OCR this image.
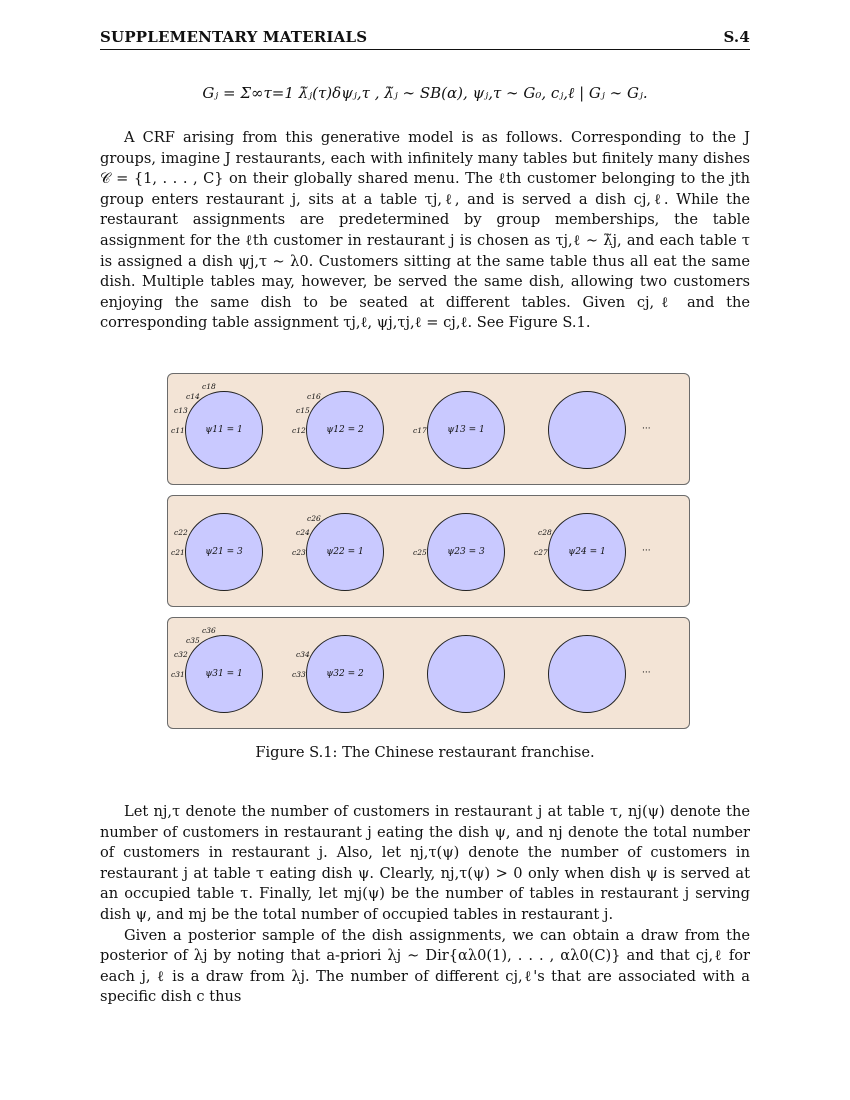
SUPPLEMENTARY MATERIALS	S.4
Gⱼ = Σ∞τ=1 λ̃ⱼ(τ)δψⱼ,τ , λ̃ⱼ ∼ SB(α), ψⱼ,τ ∼ G₀, cⱼ,ℓ | Gⱼ ∼ Gⱼ.

A CRF arising from this generative model is as follows. Corresponding to the J groups, imagine J restaurants, each with infinitely many tables but finitely many dishes 𝒞 = {1, . . . , C} on their globally shared menu. The ℓth customer belonging to the jth group enters restaurant j, sits at a table τj,ℓ, and is served a dish cj,ℓ. While the restaurant assignments are predetermined by group memberships, the table assignment for the ℓth customer in restaurant j is chosen as τj,ℓ ∼ λ̃j, and each table τ is assigned a dish ψj,τ ∼ λ0. Customers sitting at the same table thus all eat the same dish. Multiple tables may, however, be served the same dish, allowing two customers enjoying the same dish to be seated at different tables. Given cj,ℓ and the corresponding table assignment τj,ℓ, ψj,τj,ℓ = cj,ℓ. See Figure S.1.

c18
c14
c13
c11
c16
c15
c12	c17
ψ11 = 1	ψ12 = 2	ψ13 = 1	···
c22
c21
c26
c24
c23	c25
c28
c27
ψ21 = 3	ψ22 = 1	ψ23 = 3	ψ24 = 1	···
c36
c35
c32
c31
c34
c33
ψ31 = 1	ψ32 = 2	···
Figure S.1: The Chinese restaurant franchise.

Let nj,τ denote the number of customers in restaurant j at table τ, nj(ψ) denote the number of customers in restaurant j eating the dish ψ, and nj denote the total number of customers in restaurant j. Also, let nj,τ(ψ) denote the number of customers in restaurant j at table τ eating dish ψ. Clearly, nj,τ(ψ) > 0 only when dish ψ is served at an occupied table τ. Finally, let mj(ψ) be the number of tables in restaurant j serving dish ψ, and mj be the total number of occupied tables in restaurant j.

Given a posterior sample of the dish assignments, we can obtain a draw from the posterior of λj by noting that a-priori λj ∼ Dir{αλ0(1), . . . , αλ0(C)} and that cj,ℓ for each j, ℓ is a draw from λj. The number of different cj,ℓ's that are associated with a specific dish c thus
